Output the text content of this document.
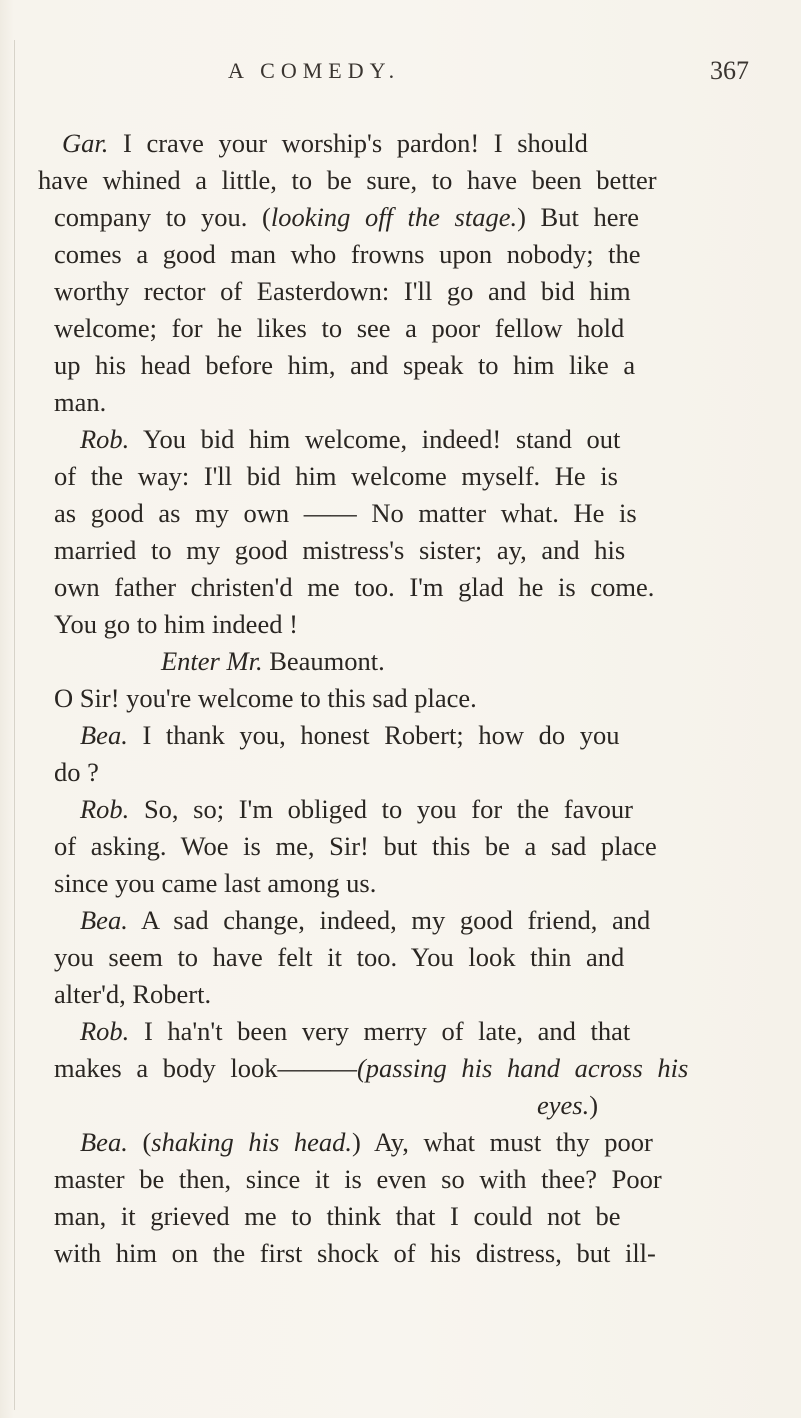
A COMEDY.	367
Gar. I crave your worship's pardon! I should
have whined a little, to be sure, to have been better
company to you. (looking off the stage.) But here
comes a good man who frowns upon nobody; the
worthy rector of Easterdown: I'll go and bid him
welcome; for he likes to see a poor fellow hold
up his head before him, and speak to him like a
man.
Rob. You bid him welcome, indeed! stand out
of the way: I'll bid him welcome myself. He is
as good as my own —— No matter what. He is
married to my good mistress's sister; ay, and his
own father christen'd me too. I'm glad he is come.
You go to him indeed !
Enter Mr. Beaumont.
O Sir! you're welcome to this sad place.
Bea. I thank you, honest Robert; how do you
do ?
Rob. So, so; I'm obliged to you for the favour
of asking. Woe is me, Sir! but this be a sad place
since you came last among us.
Bea. A sad change, indeed, my good friend, and
you seem to have felt it too. You look thin and
alter'd, Robert.
Rob. I ha'n't been very merry of late, and that
makes a body look———(passing his hand across his
eyes.)
Bea. (shaking his head.) Ay, what must thy poor
master be then, since it is even so with thee? Poor
man, it grieved me to think that I could not be
with him on the first shock of his distress, but ill-
